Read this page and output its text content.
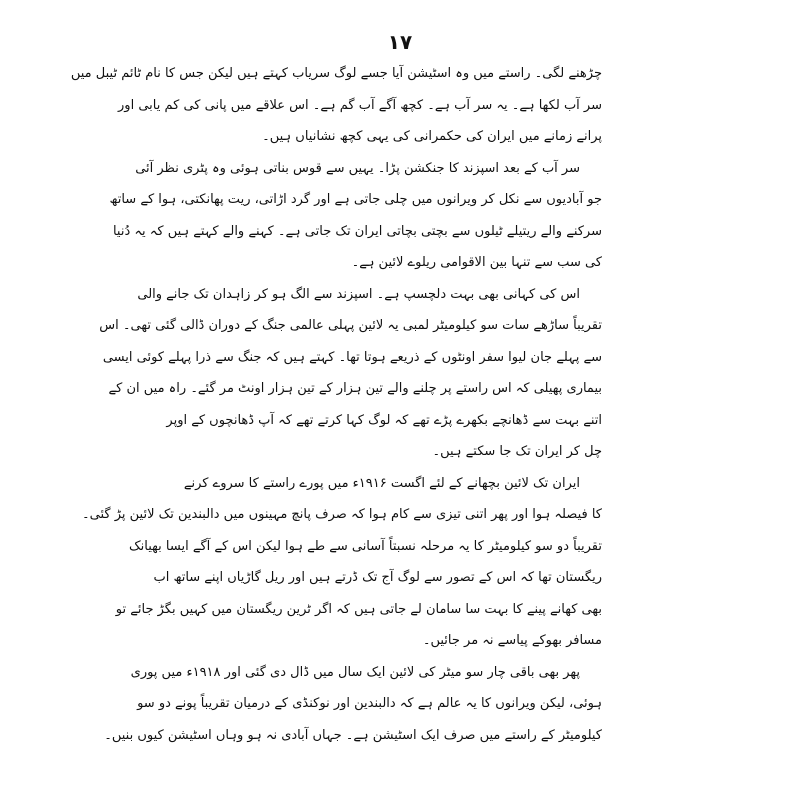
۱۷

چڑھنے لگی۔ راستے میں وہ اسٹیشن آیا جسے لوگ سریاب کہتے ہیں لیکن جس کا نام ٹائم ٹیبل میں
سر آب لکھا ہے۔ یہ سر آب ہے۔ کچھ آگے آب گم ہے۔ اس علاقے میں پانی کی کم یابی اور
پرانے زمانے میں ایران کی حکمرانی کی یہی کچھ نشانیاں ہیں۔

سر آب کے بعد اسپزند کا جنکشن پڑا۔ یہیں سے قوس بناتی ہوئی وہ پٹری نظر آئی
جو آبادیوں سے نکل کر ویرانوں میں چلی جاتی ہے اور گرد اڑاتی، ریت پھانکتی، ہوا کے ساتھ
سرکنے والے ریتیلے ٹیلوں سے بچتی بچاتی ایران تک جاتی ہے۔ کہنے والے کہتے ہیں کہ یہ دُنیا
کی سب سے تنہا بین الاقوامی ریلوے لائین ہے۔

اس کی کہانی بھی بہت دلچسپ ہے۔ اسپزند سے الگ ہو کر زاہدان تک جانے والی
تقریباً ساڑھے سات سو کیلومیٹر لمبی یہ لائین پہلی عالمی جنگ کے دوران ڈالی گئی تھی۔ اس
سے پہلے جان لیوا سفر اونٹوں کے ذریعے ہوتا تھا۔ کہتے ہیں کہ جنگ سے ذرا پہلے کوئی ایسی
بیماری پھیلی کہ اس راستے پر چلنے والے تین ہزار کے تین ہزار اونٹ مر گئے۔ راہ میں ان کے
اتنے بہت سے ڈھانچے بکھرے پڑے تھے کہ لوگ کہا کرتے تھے کہ آپ ڈھانچوں کے اوپر
چل کر ایران تک جا سکتے ہیں۔

ایران تک لائین بچھانے کے لئے اگست ۱۹۱۶ء میں پورے راستے کا سروے کرنے
کا فیصلہ ہوا اور پھر اتنی تیزی سے کام ہوا کہ صرف پانچ مہینوں میں دالبندین تک لائین پڑ گئی۔
تقریباً دو سو کیلومیٹر کا یہ مرحلہ نسبتاً آسانی سے طے ہوا لیکن اس کے آگے ایسا بھیانک
ریگستان تھا کہ اس کے تصور سے لوگ آج تک ڈرتے ہیں اور ریل گاڑیاں اپنے ساتھ اب
بھی کھانے پینے کا بہت سا سامان لے جاتی ہیں کہ اگر ٹرین ریگستان میں کہیں بگڑ جائے تو
مسافر بھوکے پیاسے نہ مر جائیں۔

پھر بھی باقی چار سو میٹر کی لائین ایک سال میں ڈال دی گئی اور ۱۹۱۸ء میں پوری
ہوئی، لیکن ویرانوں کا یہ عالم ہے کہ دالبندین اور نوکنڈی کے درمیان تقریباً پونے دو سو
کیلومیٹر کے راستے میں صرف ایک اسٹیشن ہے۔ جہاں آبادی نہ ہو وہاں اسٹیشن کیوں بنیں۔
